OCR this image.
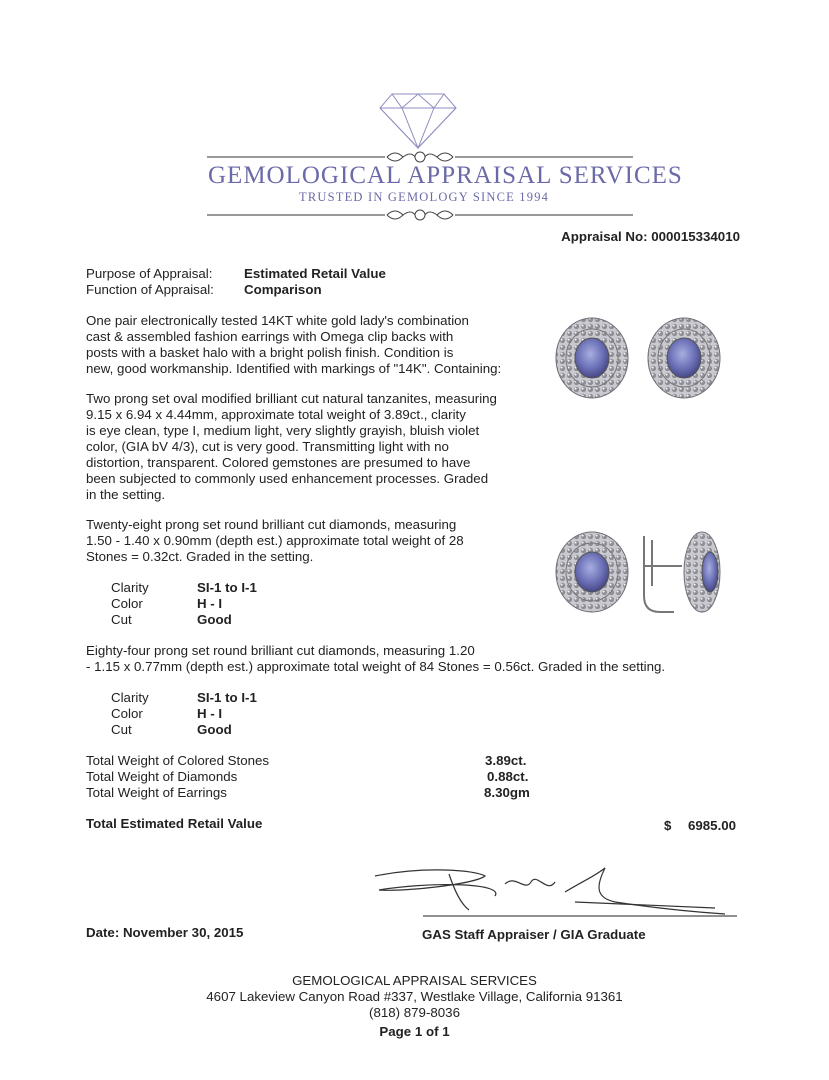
GEMOLOGICAL APPRAISAL SERVICES
TRUSTED IN GEMOLOGY SINCE 1994
Appraisal No: 000015334010
Purpose of Appraisal: Estimated Retail Value
Function of Appraisal: Comparison
One pair electronically tested 14KT white gold lady's combination
cast & assembled fashion earrings with Omega clip backs with
posts with a basket halo with a bright polish finish. Condition is
new, good workmanship. Identified with markings of "14K". Containing:
Two prong set oval modified brilliant cut natural tanzanites, measuring
9.15 x 6.94 x 4.44mm, approximate total weight of 3.89ct., clarity
is eye clean, type I, medium light, very slightly grayish, bluish violet
color, (GIA bV 4/3), cut is very good. Transmitting light with no
distortion, transparent. Colored gemstones are presumed to have
been subjected to commonly used enhancement processes. Graded
in the setting.
Twenty-eight prong set round brilliant cut diamonds, measuring
1.50 - 1.40 x 0.90mm (depth est.) approximate total weight of 28
Stones = 0.32ct. Graded in the setting.
Clarity	SI-1 to I-1
Color	H - I
Cut	Good
Eighty-four prong set round brilliant cut diamonds, measuring 1.20
- 1.15 x 0.77mm (depth est.) approximate total weight of 84 Stones = 0.56ct. Graded in the setting.
Clarity	SI-1 to I-1
Color	H - I
Cut	Good
Total Weight of Colored Stones	3.89ct.
Total Weight of Diamonds	0.88ct.
Total Weight of Earrings	8.30gm
Total Estimated Retail Value	$ 6985.00
Date: November 30, 2015	GAS Staff Appraiser / GIA Graduate
GEMOLOGICAL APPRAISAL SERVICES
4607 Lakeview Canyon Road #337, Westlake Village, California 91361
(818) 879-8036
Page 1 of 1
